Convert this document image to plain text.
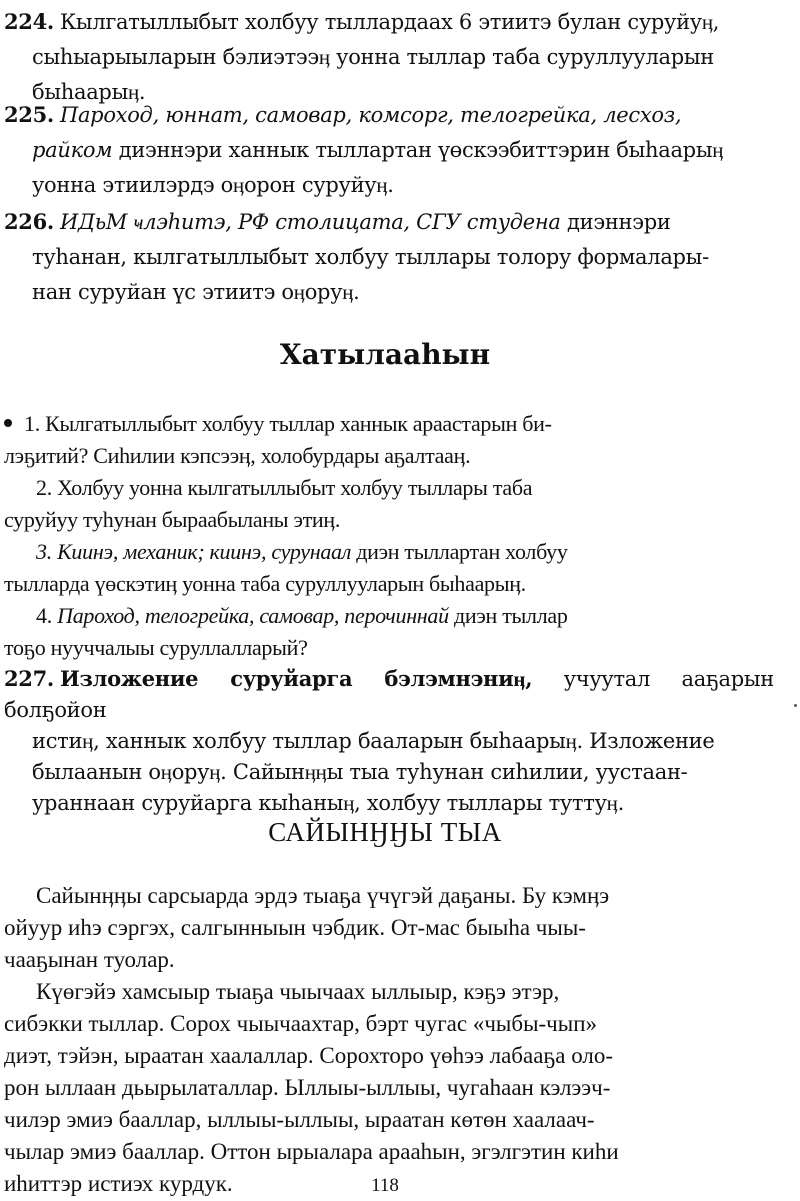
224. Кылгатыллыбыт холбуу тыллардаах 6 этиитэ булан суруйуӊ,
сыһыарыыларын бэлиэтээӊ уонна тыллар таба суруллууларын
быһаарыӊ.
225. Пароход, юннат, самовар, комсорг, телогрейка, лесхоз,
райком диэннэри ханнык тыллартан үөскээбиттэрин быһаарыӊ
уонна этиилэрдэ оӊорон суруйуӊ.
226. ИДьМ ҹлэһитэ, РФ столицата, СГУ студена диэннэри
туһанан, кылгатыллыбыт холбуу тыллары толору формалары-
нан суруйан үс этиитэ оӊоруӊ.
Хатылааһын
1. Кылгатыллыбыт холбуу тыллар ханнык араастарын би-
лэҕитий? Сиһилии кэпсээӊ, холобурдары аҕалтааӊ.
2. Холбуу уонна кылгатыллыбыт холбуу тыллары таба
суруйуу туһунан быраабыланы этиӊ.
3. Киинэ, механик; киинэ, сурунаал диэн тыллартан холбуу
тылларда үөскэтиӊ уонна таба суруллууларын быһаарыӊ.
4. Пароход, телогрейка, самовар, перочиннай диэн тыллар
тоҕо нууччалыы суруллалларый?
227. Изложение суруйарга бэлэмнэниӊ, учуутал ааҕарын болҕойон
истиӊ, ханнык холбуу тыллар бааларын быһаарыӊ. Изложение
былаанын оӊоруӊ. Сайынӊӊы тыа туһунан сиһилии, уустаан-
ураннаан суруйарга кыһаныӊ, холбуу тыллары туттуӊ.
САЙЫНӇӇЫ ТЫА
Сайынӊӊы сарсыарда эрдэ тыаҕа үчүгэй даҕаны. Бу кэмӊэ
ойуур иһэ сэргэх, салгынныын чэбдик. От-мас быыһа чыы-
чааҕынан туолар.
Күөгэйэ хамсыыр тыаҕа чыычаах ыллыыр, кэҕэ этэр,
сибэкки тыллар. Сорох чыычаахтар, бэрт чугас «чыбы-чып»
диэт, тэйэн, ыраатан хаалаллар. Сорохторо үөһээ лабааҕа оло-
рон ыллаан дьырылаталлар. Ыллыы-ыллыы, чугаһаан кэлээч-
чилэр эмиэ бааллар, ыллыы-ыллыы, ыраатан көтөн хаалаач-
чылар эмиэ бааллар. Оттон ырыалара арааһын, эгэлгэтин киһи
иһиттэр истиэх курдук.	118
